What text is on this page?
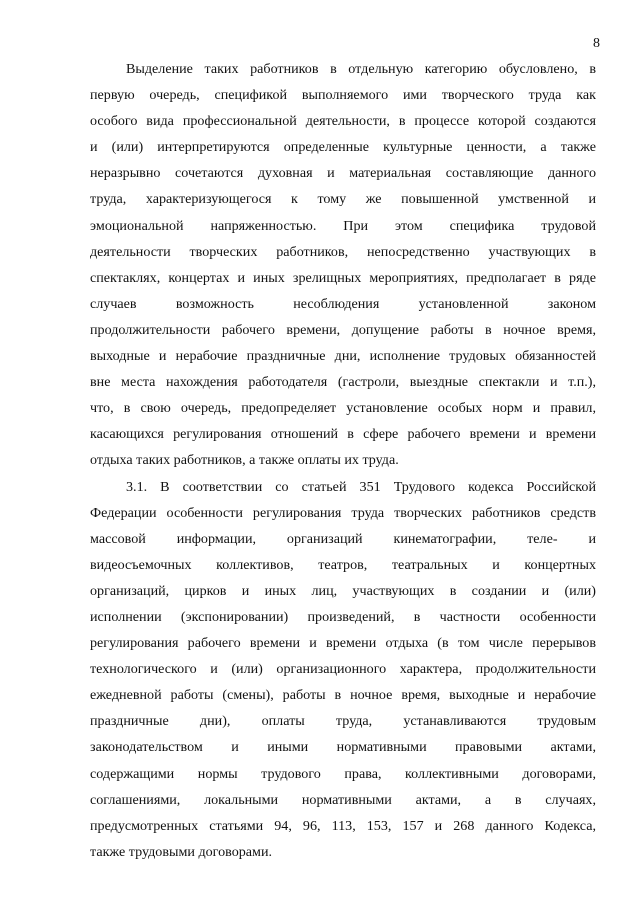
8
Выделение таких работников в отдельную категорию обусловлено, в
первую очередь, спецификой выполняемого ими творческого труда как
особого вида профессиональной деятельности, в процессе которой создаются
и (или) интерпретируются определенные культурные ценности, а также
неразрывно сочетаются духовная и материальная составляющие данного
труда, характеризующегося к тому же повышенной умственной и
эмоциональной напряженностью. При этом специфика трудовой
деятельности творческих работников, непосредственно участвующих в
спектаклях, концертах и иных зрелищных мероприятиях, предполагает в ряде
случаев возможность несоблюдения установленной законом
продолжительности рабочего времени, допущение работы в ночное время,
выходные и нерабочие праздничные дни, исполнение трудовых обязанностей
вне места нахождения работодателя (гастроли, выездные спектакли и т.п.),
что, в свою очередь, предопределяет установление особых норм и правил,
касающихся регулирования отношений в сфере рабочего времени и времени
отдыха таких работников, а также оплаты их труда.
3.1. В соответствии со статьей 351 Трудового кодекса Российской
Федерации особенности регулирования труда творческих работников средств
массовой информации, организаций кинематографии, теле- и
видеосъемочных коллективов, театров, театральных и концертных
организаций, цирков и иных лиц, участвующих в создании и (или)
исполнении (экспонировании) произведений, в частности особенности
регулирования рабочего времени и времени отдыха (в том числе перерывов
технологического и (или) организационного характера, продолжительности
ежедневной работы (смены), работы в ночное время, выходные и нерабочие
праздничные дни), оплаты труда, устанавливаются трудовым
законодательством и иными нормативными правовыми актами,
содержащими нормы трудового права, коллективными договорами,
соглашениями, локальными нормативными актами, а в случаях,
предусмотренных статьями 94, 96, 113, 153, 157 и 268 данного Кодекса,
также трудовыми договорами.
